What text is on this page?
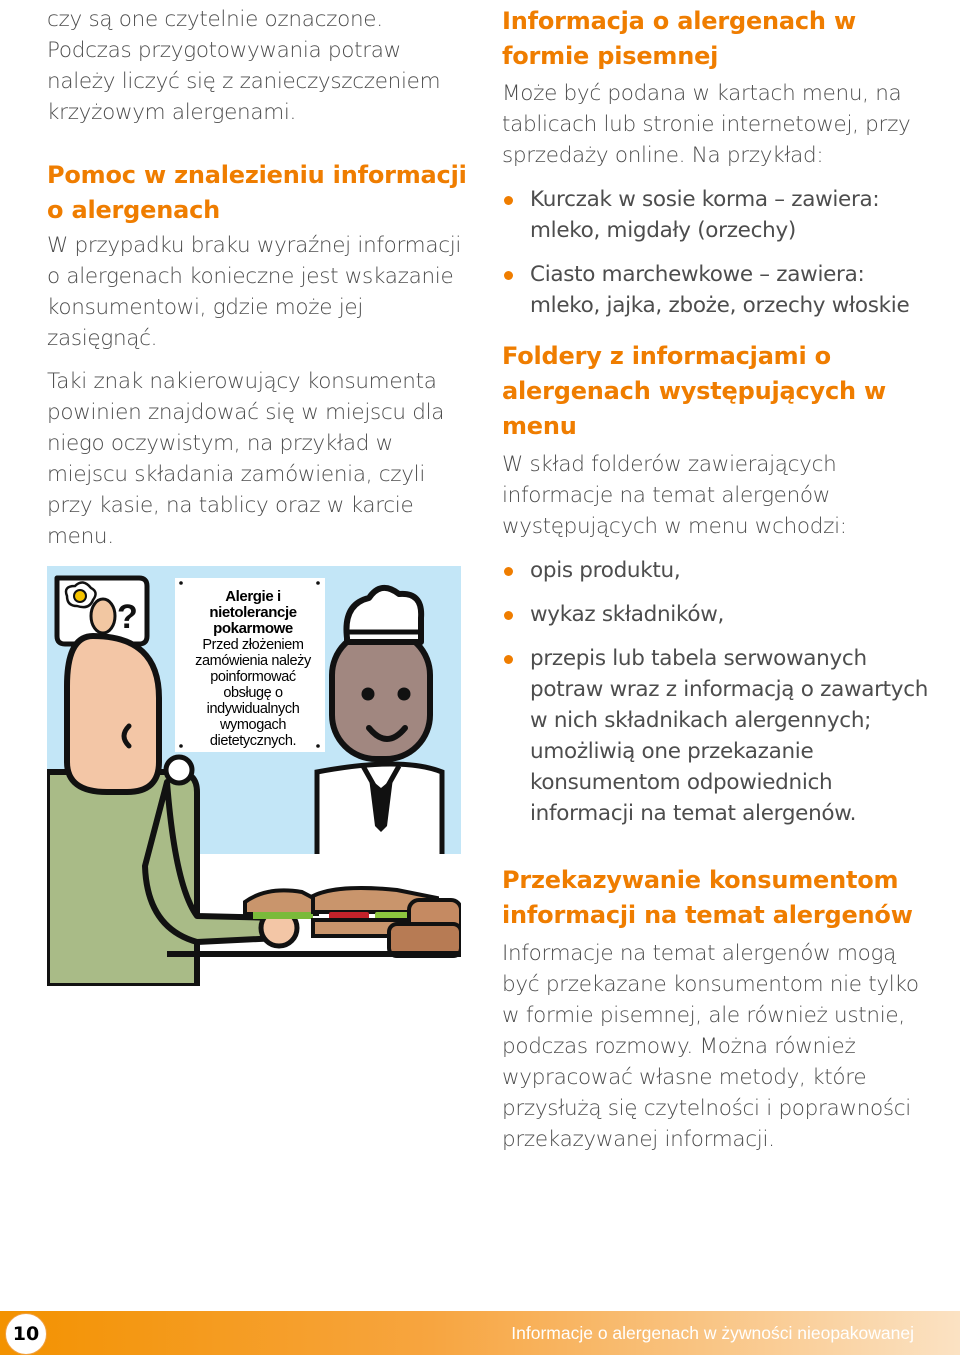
czy są one czytelnie oznaczone. Podczas przygotowywania potraw należy liczyć się z zanieczyszczeniem krzyżowym alergenami.

Pomoc w znalezieniu informacji o alergenach

W przypadku braku wyraźnej informacji o alergenach konieczne jest wskazanie konsumentowi, gdzie może jej zasięgnąć.

Taki znak nakierowujący konsumenta powinien znajdować się w miejscu dla niego oczywistym, na przykład w miejscu składania zamówienia, czyli przy kasie, na tablicy oraz w karcie menu.

?
Alergie i nietolerancje pokarmowe
Przed złożeniem zamówienia należy poinformować obsługę o indywidualnych wymogach dietetycznych.
Informacja o alergenach w formie pisemnej

Może być podana w kartach menu, na tablicach lub stronie internetowej, przy sprzedaży online. Na przykład:

Kurczak w sosie korma – zawiera: mleko, migdały (orzechy)
Ciasto marchewkowe – zawiera: mleko, jajka, zboże, orzechy włoskie
Foldery z informacjami o alergenach występujących w menu

W skład folderów zawierających informacje na temat alergenów występujących w menu wchodzi:

opis produktu,
wykaz składników,
przepis lub tabela serwowanych potraw wraz z informacją o zawartych w nich składnikach alergennych; umożliwią one przekazanie konsumentom odpowiednich informacji na temat alergenów.
Przekazywanie konsumentom informacji na temat alergenów

Informacje na temat alergenów mogą być przekazane konsumentom nie tylko w formie pisemnej, ale również ustnie, podczas rozmowy. Można również wypracować własne metody, które przysłużą się czytelności i poprawności przekazywanej informacji.

10	Informacje o alergenach w żywności nieopakowanej
